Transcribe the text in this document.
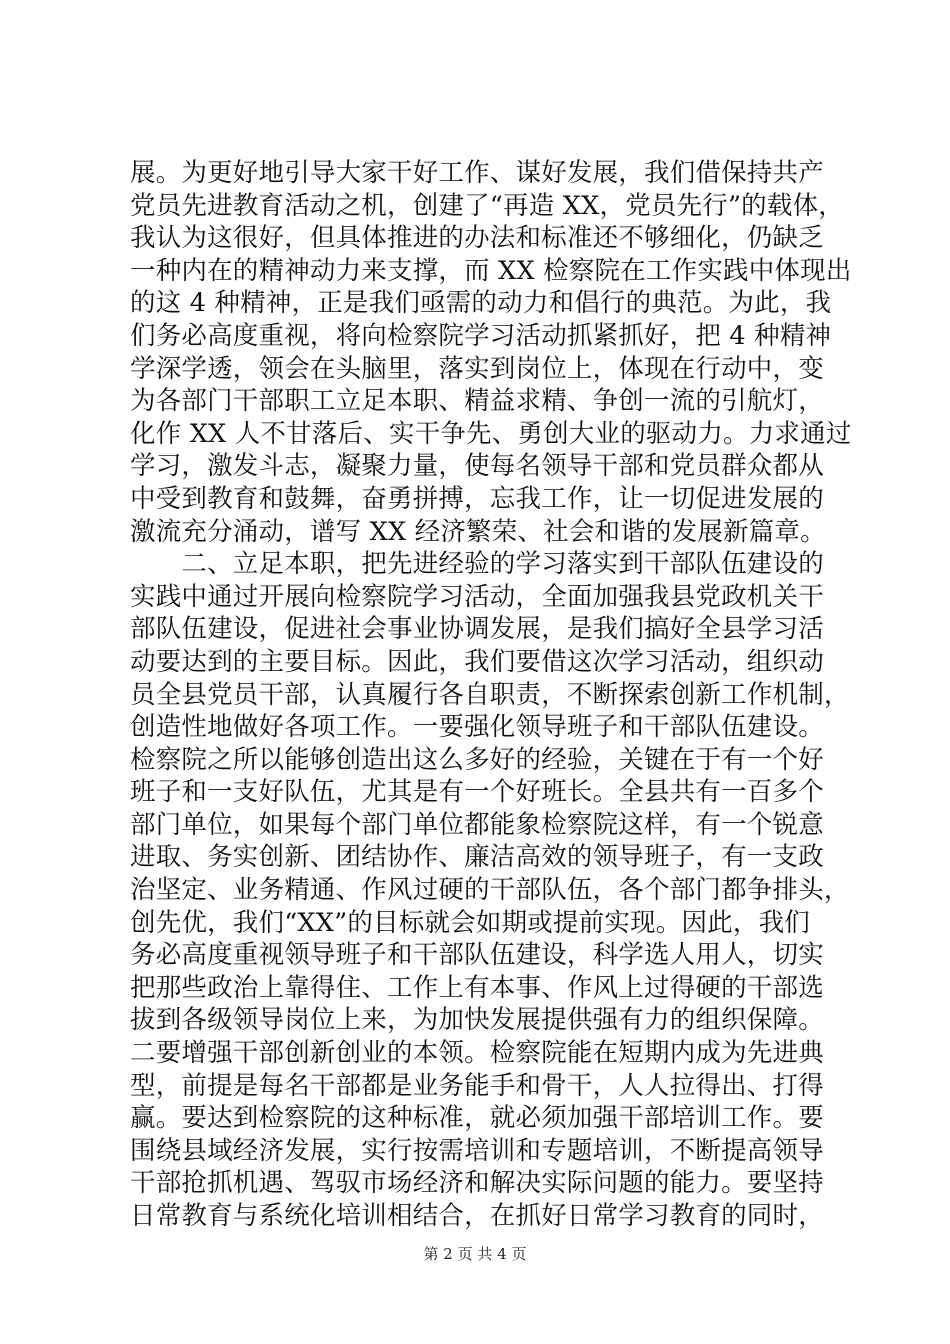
展。为更好地引导大家干好工作、谋好发展，我们借保持共产
党员先进教育活动之机，创建了“再造 XX，党员先行”的载体，
我认为这很好，但具体推进的办法和标准还不够细化，仍缺乏
一种内在的精神动力来支撑，而 XX 检察院在工作实践中体现出
的这 4 种精神，正是我们亟需的动力和倡行的典范。为此，我
们务必高度重视，将向检察院学习活动抓紧抓好，把 4 种精神
学深学透，领会在头脑里，落实到岗位上，体现在行动中，变
为各部门干部职工立足本职、精益求精、争创一流的引航灯，
化作 XX 人不甘落后、实干争先、勇创大业的驱动力。力求通过
学习，激发斗志，凝聚力量，使每名领导干部和党员群众都从
中受到教育和鼓舞，奋勇拼搏，忘我工作，让一切促进发展的
激流充分涌动，谱写 XX 经济繁荣、社会和谐的发展新篇章。
　　二、立足本职，把先进经验的学习落实到干部队伍建设的
实践中通过开展向检察院学习活动，全面加强我县党政机关干
部队伍建设，促进社会事业协调发展，是我们搞好全县学习活
动要达到的主要目标。因此，我们要借这次学习活动，组织动
员全县党员干部，认真履行各自职责，不断探索创新工作机制，
创造性地做好各项工作。一要强化领导班子和干部队伍建设。
检察院之所以能够创造出这么多好的经验，关键在于有一个好
班子和一支好队伍，尤其是有一个好班长。全县共有一百多个
部门单位，如果每个部门单位都能象检察院这样，有一个锐意
进取、务实创新、团结协作、廉洁高效的领导班子，有一支政
治坚定、业务精通、作风过硬的干部队伍，各个部门都争排头，
创先优，我们“XX”的目标就会如期或提前实现。因此，我们
务必高度重视领导班子和干部队伍建设，科学选人用人，切实
把那些政治上靠得住、工作上有本事、作风上过得硬的干部选
拔到各级领导岗位上来，为加快发展提供强有力的组织保障。
二要增强干部创新创业的本领。检察院能在短期内成为先进典
型，前提是每名干部都是业务能手和骨干，人人拉得出、打得
赢。要达到检察院的这种标准，就必须加强干部培训工作。要
围绕县域经济发展，实行按需培训和专题培训，不断提高领导
干部抢抓机遇、驾驭市场经济和解决实际问题的能力。要坚持
日常教育与系统化培训相结合，在抓好日常学习教育的同时，
第 2 页 共 4 页
